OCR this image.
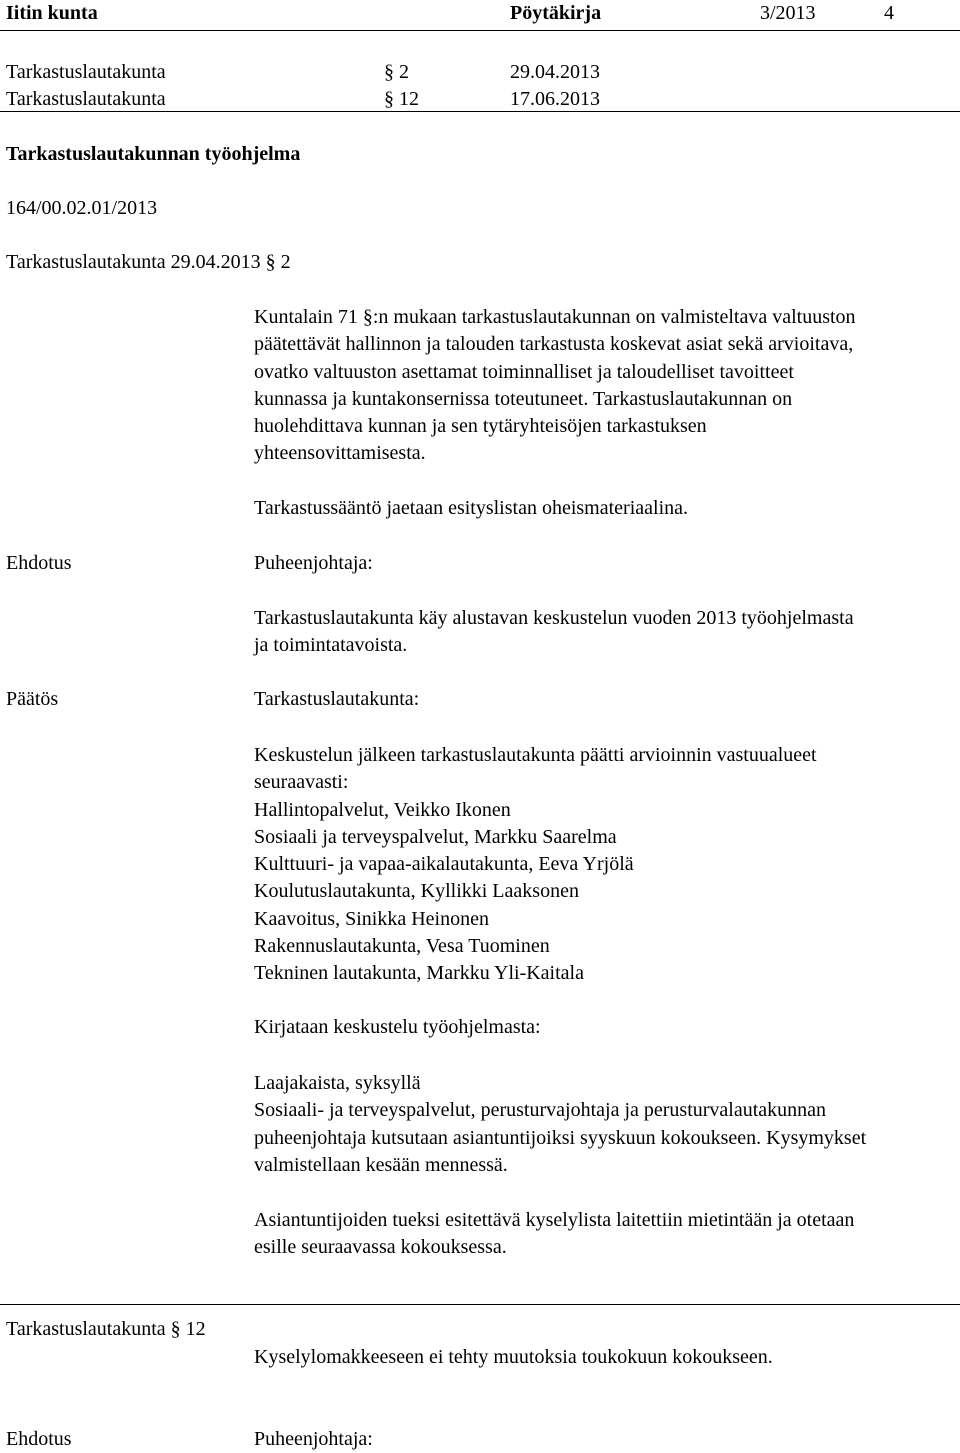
Iitin kunta	Pöytäkirja	3/2013	4
Tarkastuslautakunta	§ 2	29.04.2013
Tarkastuslautakunta	§ 12	17.06.2013
Tarkastuslautakunnan työohjelma
164/00.02.01/2013
Tarkastuslautakunta 29.04.2013 § 2
Kuntalain 71 §:n mukaan tarkastuslautakunnan on valmisteltava valtuuston
päätettävät hallinnon ja talouden tarkastusta koskevat asiat sekä arvioitava,
ovatko valtuuston asettamat toiminnalliset ja taloudelliset tavoitteet
kunnassa ja kuntakonsernissa toteutuneet. Tarkastuslautakunnan on
huolehdittava kunnan ja sen tytäryhteisöjen tarkastuksen
yhteensovittamisesta.
Tarkastussääntö jaetaan esityslistan oheismateriaalina.
Ehdotus	Puheenjohtaja:
Tarkastuslautakunta käy alustavan keskustelun vuoden 2013 työohjelmasta
ja toimintatavoista.
Päätös	Tarkastuslautakunta:
Keskustelun jälkeen tarkastuslautakunta päätti arvioinnin vastuualueet
seuraavasti:
Hallintopalvelut, Veikko Ikonen
Sosiaali ja terveyspalvelut, Markku Saarelma
Kulttuuri- ja vapaa-aikalautakunta, Eeva Yrjölä
Koulutuslautakunta, Kyllikki Laaksonen
Kaavoitus, Sinikka Heinonen
Rakennuslautakunta, Vesa Tuominen
Tekninen lautakunta, Markku Yli-Kaitala
Kirjataan keskustelu työohjelmasta:
Laajakaista, syksyllä
Sosiaali- ja terveyspalvelut, perusturvajohtaja ja perusturvalautakunnan
puheenjohtaja kutsutaan asiantuntijoiksi syyskuun kokoukseen. Kysymykset
valmistellaan kesään mennessä.
Asiantuntijoiden tueksi esitettävä kyselylista laitettiin mietintään ja otetaan
esille seuraavassa kokouksessa.
Tarkastuslautakunta § 12
Kyselylomakkeeseen ei tehty muutoksia toukokuun kokoukseen.
Ehdotus	Puheenjohtaja:
